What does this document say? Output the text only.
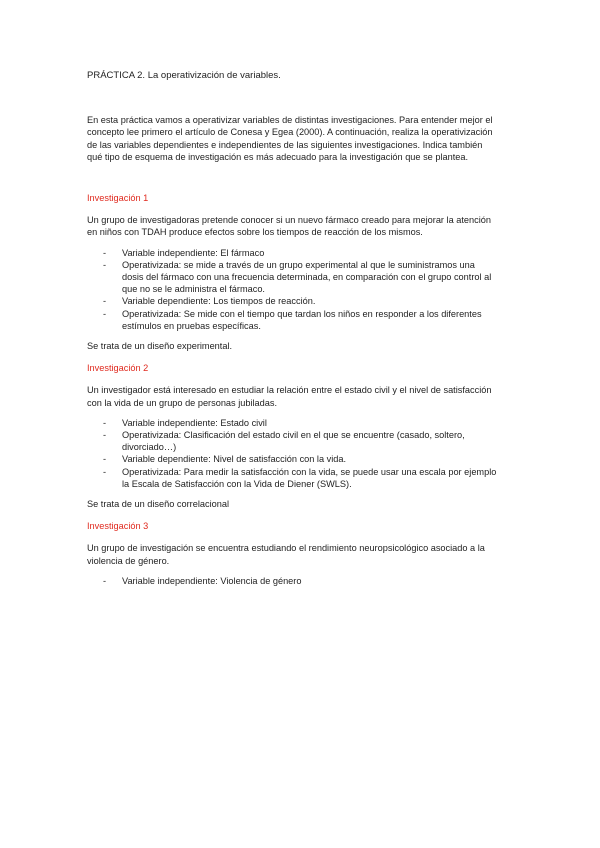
PRÁCTICA 2. La operativización de variables.

En esta práctica vamos a operativizar variables de distintas investigaciones. Para entender mejor el concepto lee primero el artículo de Conesa y Egea (2000). A continuación, realiza la operativización de las variables dependientes e independientes de las siguientes investigaciones. Indica también qué tipo de esquema de investigación es más adecuado para la investigación que se plantea.

Investigación 1

Un grupo de investigadoras pretende conocer si un nuevo fármaco creado para mejorar la atención en niños con TDAH produce efectos sobre los tiempos de reacción de los mismos.

- Variable independiente: El fármaco
- Operativizada: se mide a través de un grupo experimental al que le suministramos una dosis del fármaco con una frecuencia determinada, en comparación con el grupo control al que no se le administra el fármaco.
- Variable dependiente: Los tiempos de reacción.
- Operativizada: Se mide con el tiempo que tardan los niños en responder a los diferentes estímulos en pruebas específicas.

Se trata de un diseño experimental.

Investigación 2

Un investigador está interesado en estudiar la relación entre el estado civil y el nivel de satisfacción con la vida de un grupo de personas jubiladas.

- Variable independiente: Estado civil
- Operativizada: Clasificación del estado civil en el que se encuentre (casado, soltero, divorciado…)
- Variable dependiente: Nivel de satisfacción con la vida.
- Operativizada: Para medir la satisfacción con la vida, se puede usar una escala por ejemplo la Escala de Satisfacción con la Vida de Diener (SWLS).

Se trata de un diseño correlacional

Investigación 3

Un grupo de investigación se encuentra estudiando el rendimiento neuropsicológico asociado a la violencia de género.

- Variable independiente: Violencia de género
